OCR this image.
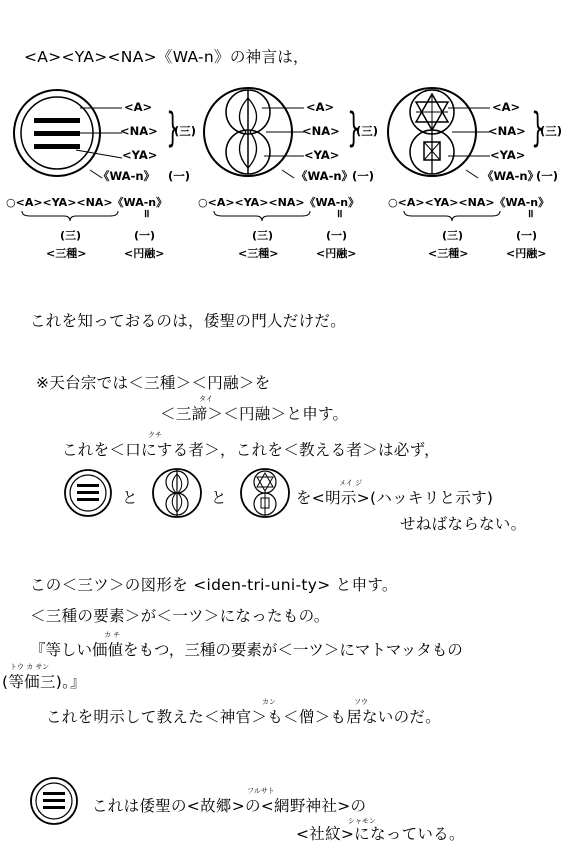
<A><YA><NA>《WA-n》の神言は，
<A>
<NA>
<YA>
《WA-n》 (一)
}
(三)
<A>
<NA>
<YA>
《WA-n》
(一)
}
(三)
<A>
<NA>
<YA>
《WA-n》
(一)
}
(三)
○<A><YA><NA>《WA-n》
॥
(三)	(一)
<三種>	<円融>
○<A><YA><NA>《WA-n》
॥
(三)	(一)
<三種>	<円融>
○<A><YA><NA>《WA-n》
॥
(三)	(一)
<三種>	<円融>
これを知っておるのは，倭聖の門人だけだ。
※天台宗では＜三種＞＜円融＞を
タイ
＜三諦＞＜円融＞と申す。
クチ
これを＜口にする者＞，これを＜教える者＞は必ず，
と	と
メイ ジ
を<明示>(ハッキリと示す)
せねばならない。
この＜三ツ＞の図形を <iden-tri-uni-ty> と申す。
＜三種の要素＞が＜一ツ＞になったもの。
カ チ
『等しい価値をもつ，三種の要素が＜一ツ＞にマトマッタもの
トウ カ サン
(等価三)。』
カン	ソウ
これを明示して教えた＜神官＞も＜僧＞も居ないのだ。
フルサト
これは倭聖の<故郷>の<網野神社>の
シャモン
<社紋>になっている。
